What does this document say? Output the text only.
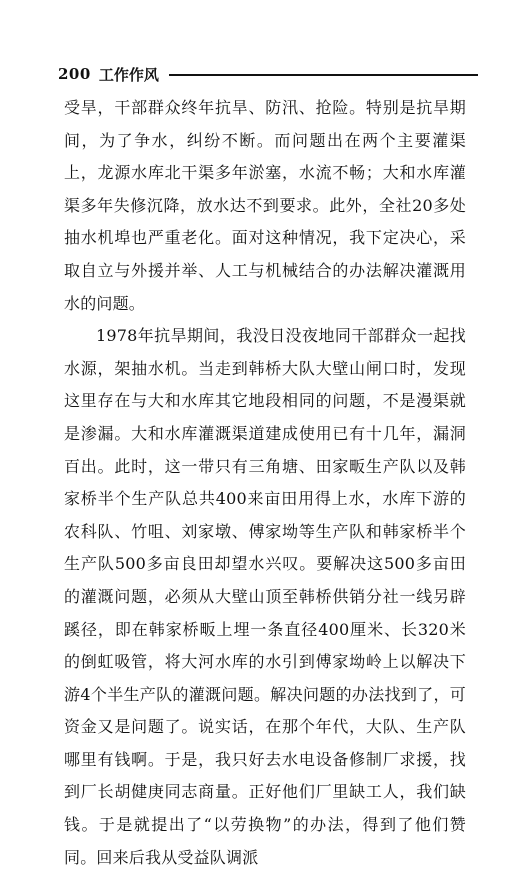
200 工作作风

受旱，干部群众终年抗旱、防汛、抢险。特别是抗旱期间，为了争水，纠纷不断。而问题出在两个主要灌渠上，龙源水库北干渠多年淤塞，水流不畅；大和水库灌渠多年失修沉降，放水达不到要求。此外，全社20多处抽水机埠也严重老化。面对这种情况，我下定决心，采取自立与外援并举、人工与机械结合的办法解决灌溉用水的问题。

1978年抗旱期间，我没日没夜地同干部群众一起找水源，架抽水机。当走到韩桥大队大壁山闸口时，发现这里存在与大和水库其它地段相同的问题，不是漫渠就是渗漏。大和水库灌溉渠道建成使用已有十几年，漏洞百出。此时，这一带只有三角塘、田家畈生产队以及韩家桥半个生产队总共400来亩田用得上水，水库下游的农科队、竹咀、刘家墩、傅家坳等生产队和韩家桥半个生产队500多亩良田却望水兴叹。要解决这500多亩田的灌溉问题，必须从大壁山顶至韩桥供销分社一线另辟蹊径，即在韩家桥畈上埋一条直径400厘米、长320米的倒虹吸管，将大河水库的水引到傅家坳岭上以解决下游4个半生产队的灌溉问题。解决问题的办法找到了，可资金又是问题了。说实话，在那个年代，大队、生产队哪里有钱啊。于是，我只好去水电设备修制厂求援，找到厂长胡健庚同志商量。正好他们厂里缺工人，我们缺钱。于是就提出了“以劳换物”的办法，得到了他们赞同。回来后我从受益队调派
